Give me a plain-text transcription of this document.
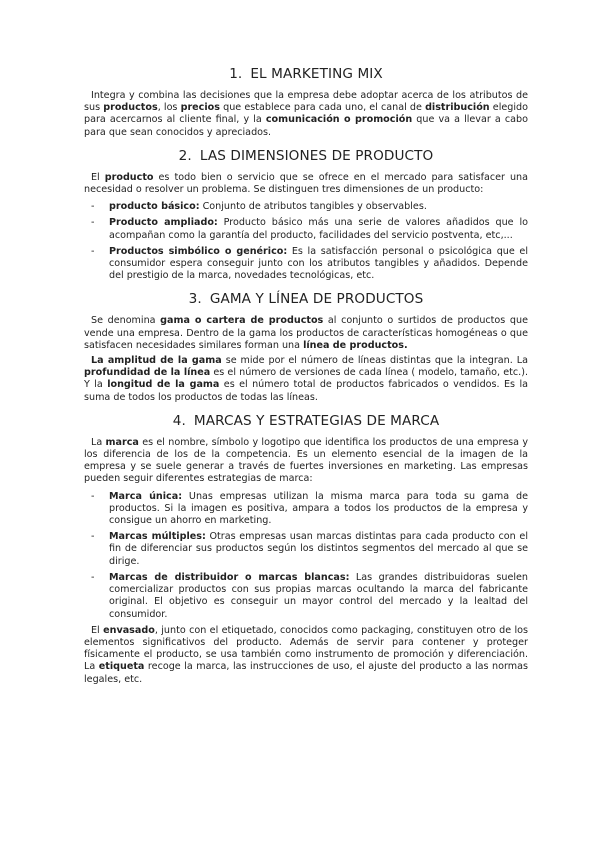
1. EL MARKETING MIX

Integra y combina las decisiones que la empresa debe adoptar acerca de los atributos de sus productos, los precios que establece para cada uno, el canal de distribución elegido para acercarnos al cliente final, y la comunicación o promoción que va a llevar a cabo para que sean conocidos y apreciados.

2. LAS DIMENSIONES DE PRODUCTO

El producto es todo bien o servicio que se ofrece en el mercado para satisfacer una necesidad o resolver un problema. Se distinguen tres dimensiones de un producto:

- producto básico: Conjunto de atributos tangibles y observables.
- Producto ampliado: Producto básico más una serie de valores añadidos que lo acompañan como la garantía del producto, facilidades del servicio postventa, etc,...
- Productos simbólico o genérico: Es la satisfacción personal o psicológica que el consumidor espera conseguir junto con los atributos tangibles y añadidos. Depende del prestigio de la marca, novedades tecnológicas, etc.
3. GAMA Y LÍNEA DE PRODUCTOS

Se denomina gama o cartera de productos al conjunto o surtidos de productos que vende una empresa. Dentro de la gama los productos de características homogéneas o que satisfacen necesidades similares forman una línea de productos.

La amplitud de la gama se mide por el número de líneas distintas que la integran. La profundidad de la línea es el número de versiones de cada línea ( modelo, tamaño, etc.). Y la longitud de la gama es el número total de productos fabricados o vendidos. Es la suma de todos los productos de todas las líneas.

4. MARCAS Y ESTRATEGIAS DE MARCA

La marca es el nombre, símbolo y logotipo que identifica los productos de una empresa y los diferencia de los de la competencia. Es un elemento esencial de la imagen de la empresa y se suele generar a través de fuertes inversiones en marketing. Las empresas pueden seguir diferentes estrategias de marca:

- Marca única: Unas empresas utilizan la misma marca para toda su gama de productos. Si la imagen es positiva, ampara a todos los productos de la empresa y consigue un ahorro en marketing.
- Marcas múltiples: Otras empresas usan marcas distintas para cada producto con el fin de diferenciar sus productos según los distintos segmentos del mercado al que se dirige.
- Marcas de distribuidor o marcas blancas: Las grandes distribuidoras suelen comercializar productos con sus propias marcas ocultando la marca del fabricante original. El objetivo es conseguir un mayor control del mercado y la lealtad del consumidor.

El envasado, junto con el etiquetado, conocidos como packaging, constituyen otro de los elementos significativos del producto. Además de servir para contener y proteger físicamente el producto, se usa también como instrumento de promoción y diferenciación. La etiqueta recoge la marca, las instrucciones de uso, el ajuste del producto a las normas legales, etc.
